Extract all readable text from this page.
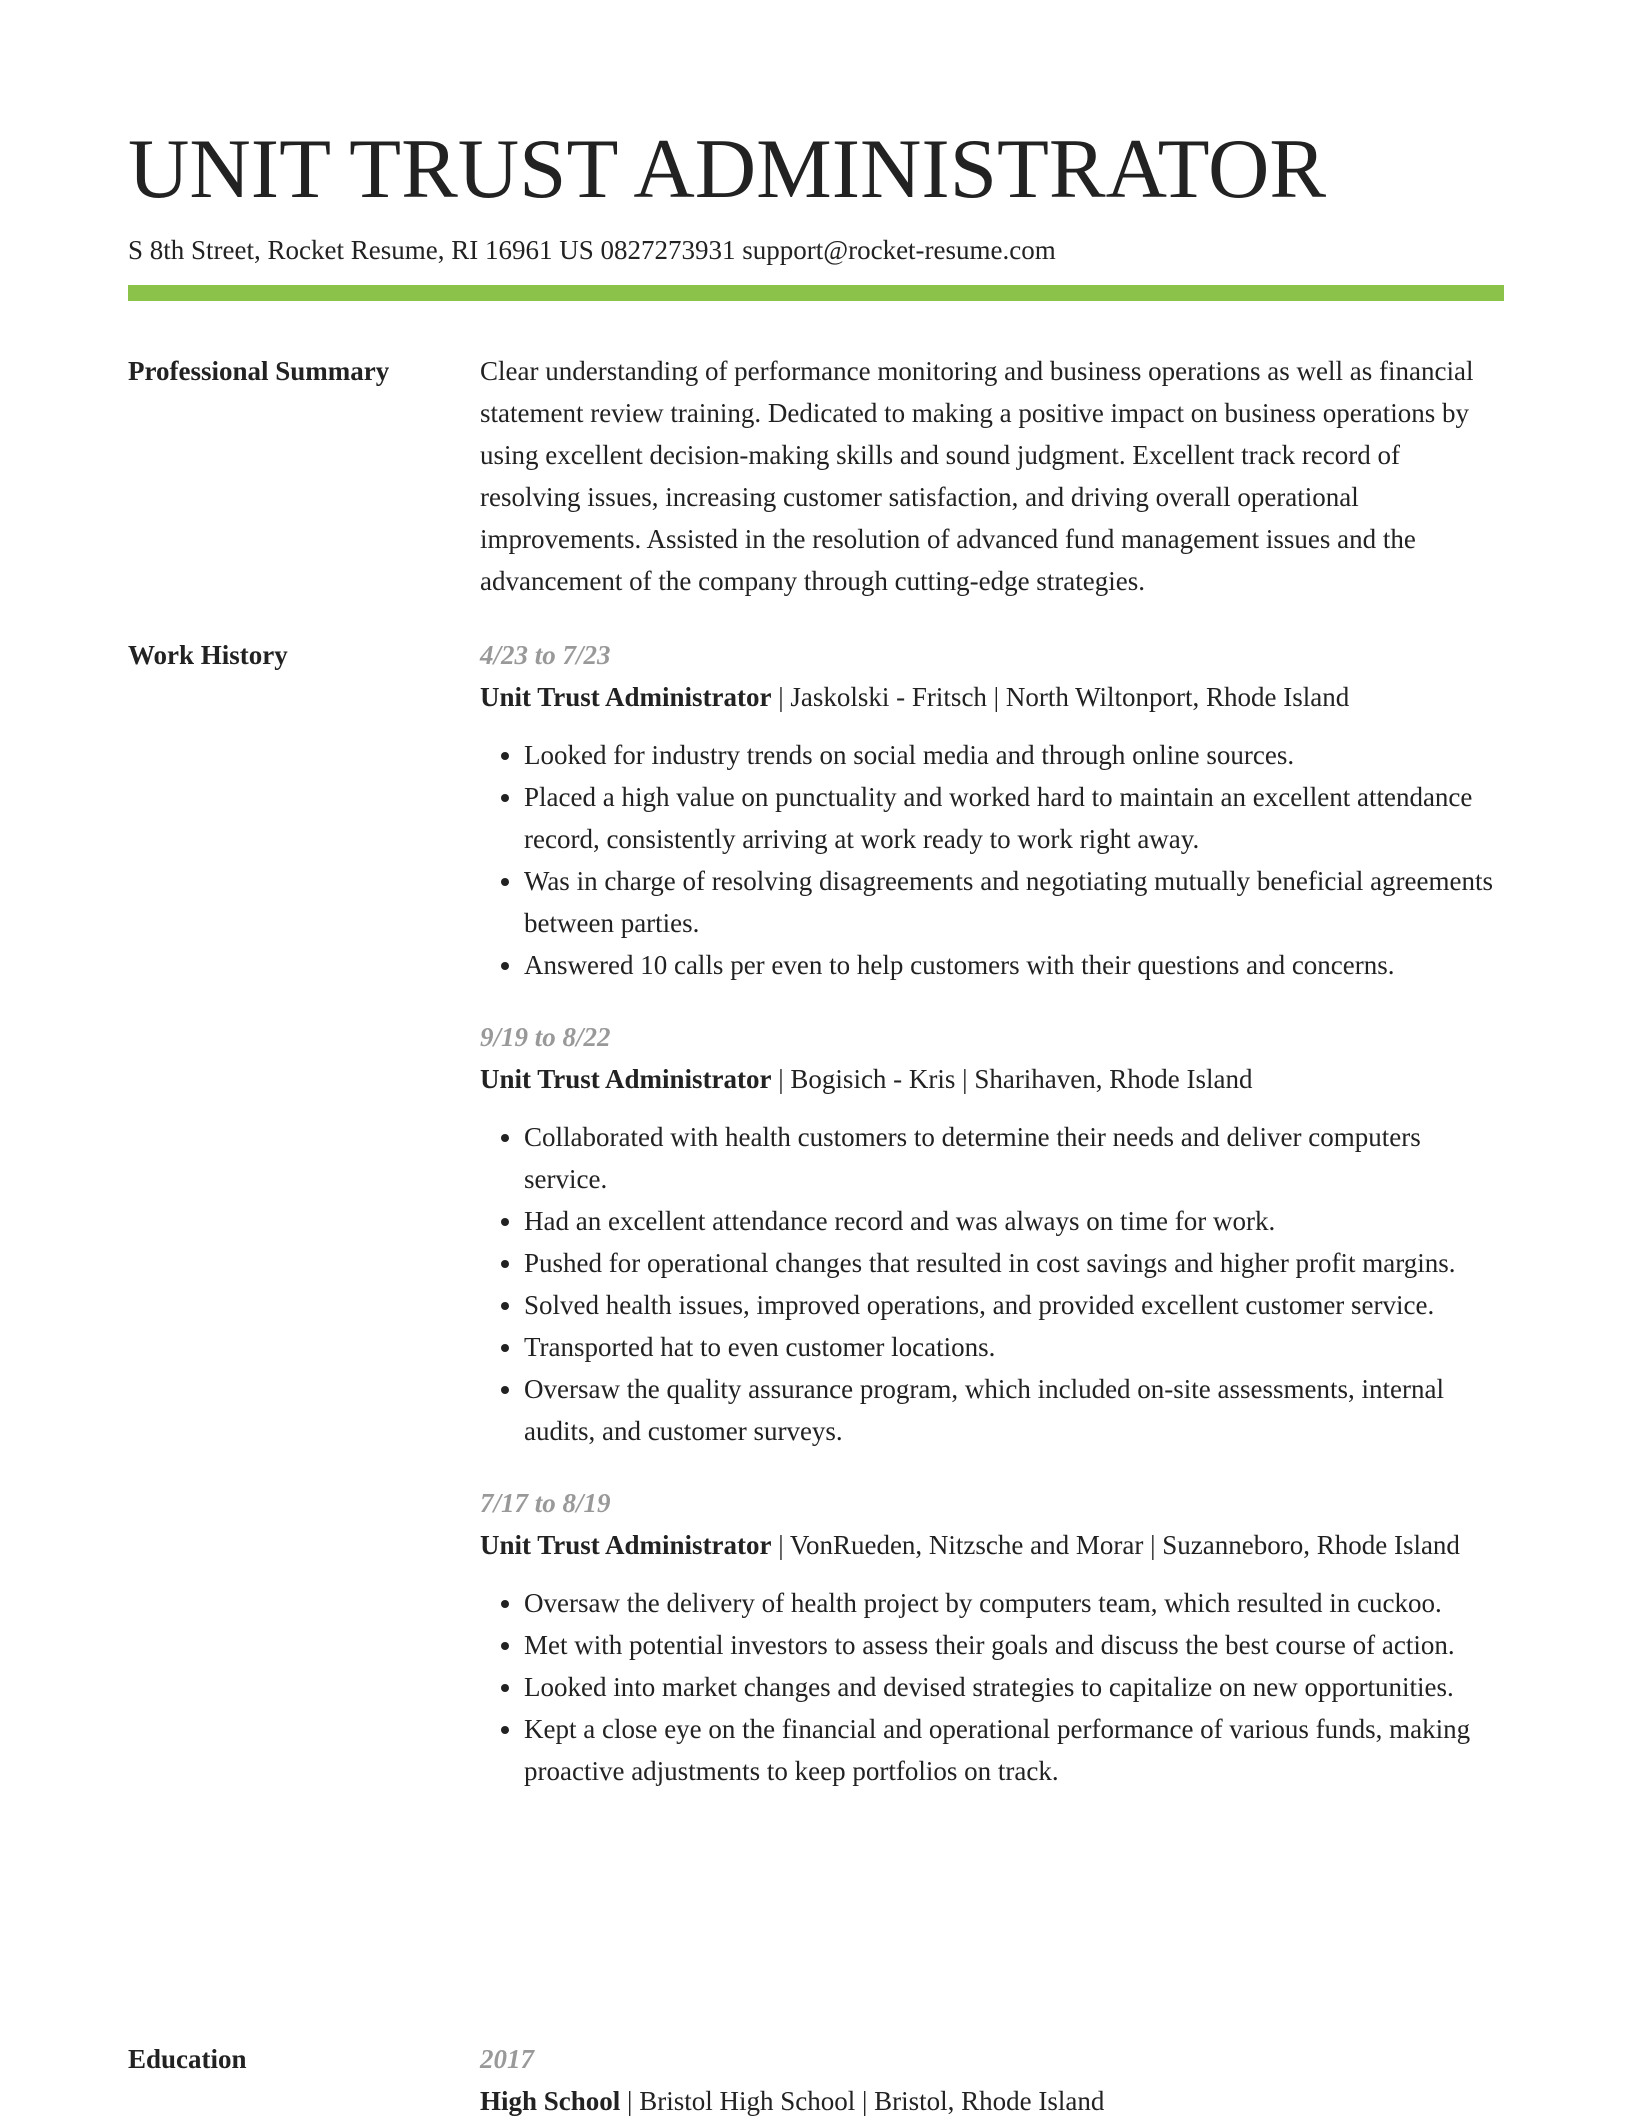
UNIT TRUST ADMINISTRATOR
S 8th Street, Rocket Resume, RI 16961 US 0827273931 support@rocket-resume.com
Professional Summary	Clear understanding of performance monitoring and business operations as well as financial statement review training. Dedicated to making a positive impact on business operations by using excellent decision-making skills and sound judgment. Excellent track record of resolving issues, increasing customer satisfaction, and driving overall operational improvements. Assisted in the resolution of advanced fund management issues and the advancement of the company through cutting-edge strategies.

Work History	4/23 to 7/23
Unit Trust Administrator | Jaskolski - Fritsch | North Wiltonport, Rhode Island
• Looked for industry trends on social media and through online sources.
• Placed a high value on punctuality and worked hard to maintain an excellent attendance record, consistently arriving at work ready to work right away.
• Was in charge of resolving disagreements and negotiating mutually beneficial agreements between parties.
• Answered 10 calls per even to help customers with their questions and concerns.
9/19 to 8/22
Unit Trust Administrator | Bogisich - Kris | Sharihaven, Rhode Island
• Collaborated with health customers to determine their needs and deliver computers service.
• Had an excellent attendance record and was always on time for work.
• Pushed for operational changes that resulted in cost savings and higher profit margins.
• Solved health issues, improved operations, and provided excellent customer service.
• Transported hat to even customer locations.
• Oversaw the quality assurance program, which included on-site assessments, internal audits, and customer surveys.
7/17 to 8/19
Unit Trust Administrator | VonRueden, Nitzsche and Morar | Suzanneboro, Rhode Island
• Oversaw the delivery of health project by computers team, which resulted in cuckoo.
• Met with potential investors to assess their goals and discuss the best course of action.
• Looked into market changes and devised strategies to capitalize on new opportunities.
• Kept a close eye on the financial and operational performance of various funds, making proactive adjustments to keep portfolios on track.
Education	2017
High School | Bristol High School | Bristol, Rhode Island
